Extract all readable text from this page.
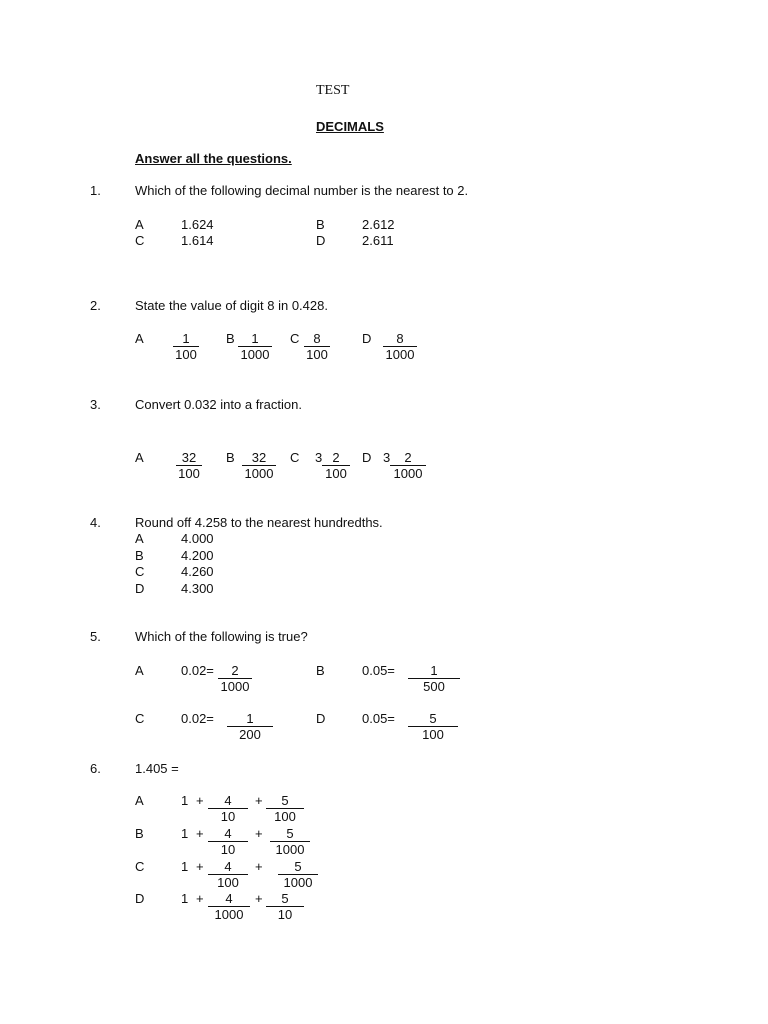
TEST
DECIMALS
Answer all the questions.
1.	Which of the following decimal number is the nearest to 2.
A	1.624	B	2.612
C	1.614	D	2.611
2.	State the value of digit 8 in 0.428.
A $\frac{1}{100}$ B $\frac{1}{1000}$ C $\frac{8}{100}$ D $\frac{8}{1000}$
3.	Convert 0.032 into a fraction.
A $\frac{32}{100}$ B $\frac{32}{1000}$ C $3 \frac{2}{100}$ D $3 \frac{2}{1000}$
4.	Round off 4.258 to the nearest hundredths.
A	4.000
B	4.200
C	4.260
D	4.300
5.	Which of the following is true?
A	$0.02= \frac{2}{1000}$	B	$0.05= \frac{1}{500}$
C	$0.02= \frac{1}{200}$	D	$0.05= \frac{5}{100}$
6.	1.405 =
A	$1 + \frac{4}{10} + \frac{5}{100}$
B	$1 + \frac{4}{10} + \frac{5}{1000}$
C	$1 + \frac{4}{100} + \frac{5}{1000}$
D	$1 + \frac{4}{1000} + \frac{5}{10}$
